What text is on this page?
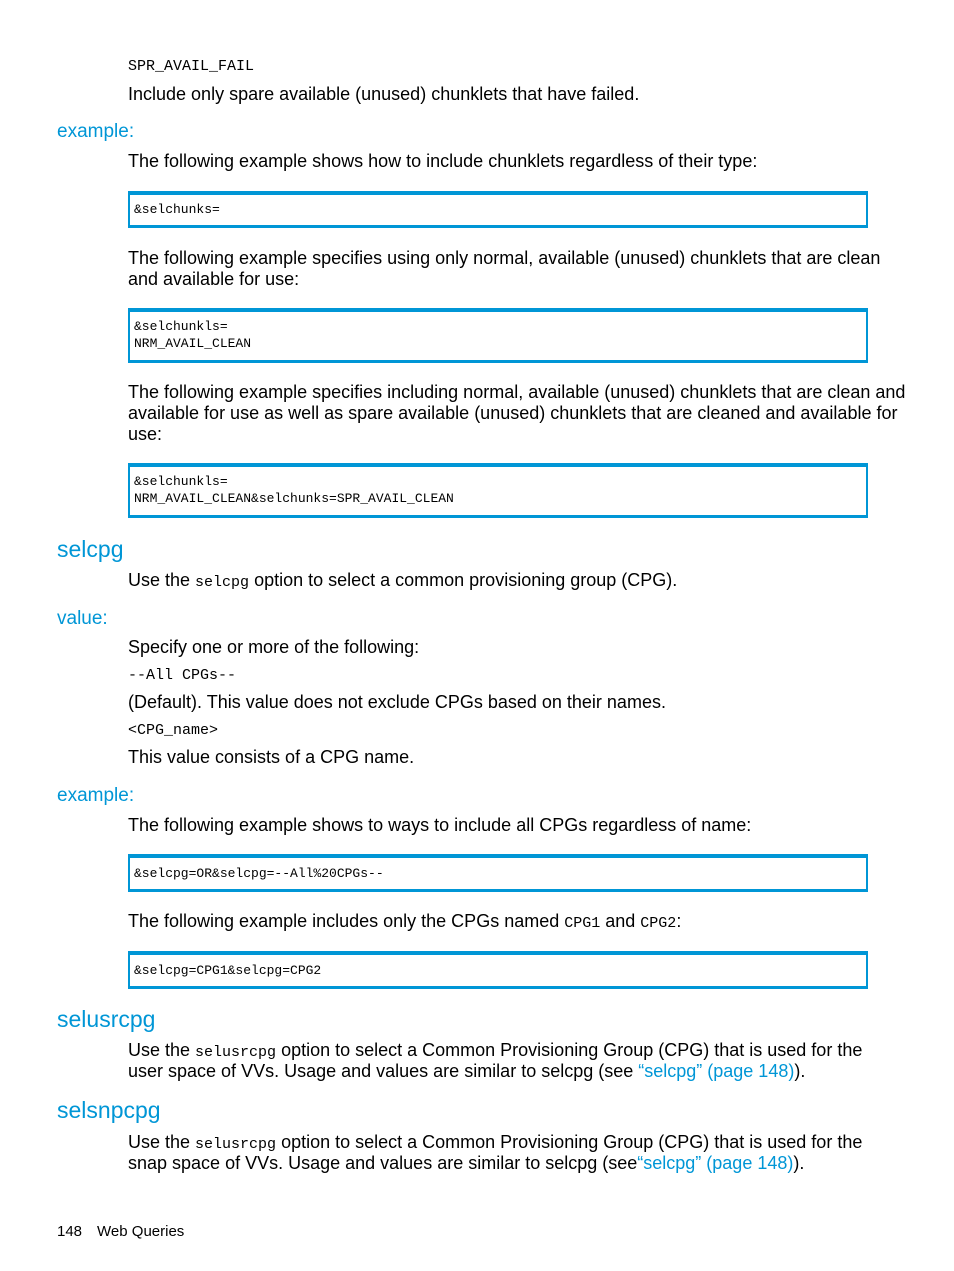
SPR_AVAIL_FAIL
Include only spare available (unused) chunklets that have failed.
example:
The following example shows how to include chunklets regardless of their type:
&selchunks=
The following example specifies using only normal, available (unused) chunklets that are clean
and available for use:
&selchunkls=
NRM_AVAIL_CLEAN
The following example specifies including normal, available (unused) chunklets that are clean and
available for use as well as spare available (unused) chunklets that are cleaned and available for
use:
&selchunkls=
NRM_AVAIL_CLEAN&selchunks=SPR_AVAIL_CLEAN
selcpg
Use the selcpg option to select a common provisioning group (CPG).
value:
Specify one or more of the following:
--All CPGs--
(Default). This value does not exclude CPGs based on their names.
<CPG_name>
This value consists of a CPG name.
example:
The following example shows to ways to include all CPGs regardless of name:
&selcpg=OR&selcpg=--All%20CPGs--
The following example includes only the CPGs named CPG1 and CPG2:
&selcpg=CPG1&selcpg=CPG2
selusrcpg
Use the selusrcpg option to select a Common Provisioning Group (CPG) that is used for the
user space of VVs. Usage and values are similar to selcpg (see “selcpg” (page 148)).
selsnpcpg
Use the selusrcpg option to select a Common Provisioning Group (CPG) that is used for the
snap space of VVs. Usage and values are similar to selcpg (see“selcpg” (page 148)).
148 Web Queries
